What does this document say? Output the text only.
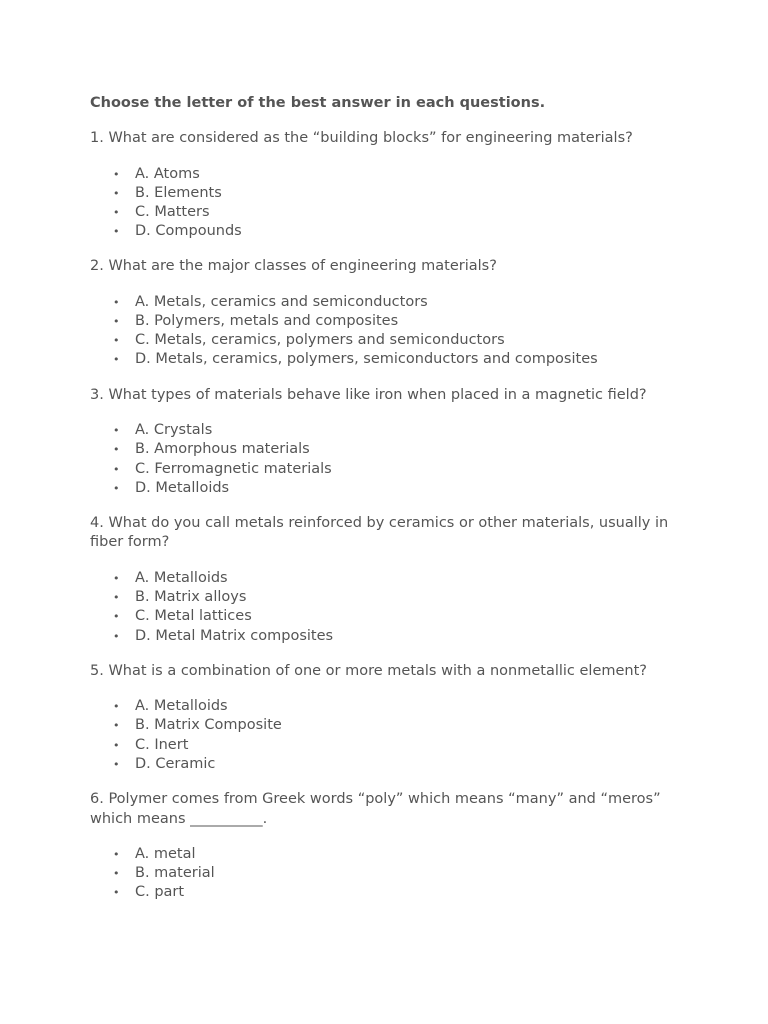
Choose the letter of the best answer in each questions.

1. What are considered as the “building blocks” for engineering materials?

• A. Atoms
• B. Elements
• C. Matters
• D. Compounds

2. What are the major classes of engineering materials?

• A. Metals, ceramics and semiconductors
• B. Polymers, metals and composites
• C. Metals, ceramics, polymers and semiconductors
• D. Metals, ceramics, polymers, semiconductors and composites

3. What types of materials behave like iron when placed in a magnetic field?

• A. Crystals
• B. Amorphous materials
• C. Ferromagnetic materials
• D. Metalloids

4. What do you call metals reinforced by ceramics or other materials, usually in fiber form?

• A. Metalloids
• B. Matrix alloys
• C. Metal lattices
• D. Metal Matrix composites

5. What is a combination of one or more metals with a nonmetallic element?

• A. Metalloids
• B. Matrix Composite
• C. Inert
• D. Ceramic

6. Polymer comes from Greek words “poly” which means “many” and “meros” which means __________.

• A. metal
• B. material
• C. part
